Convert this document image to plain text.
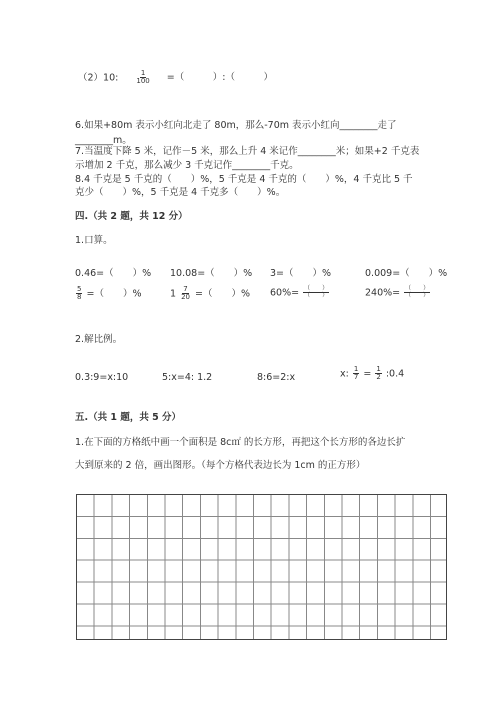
（2）10: $\frac{1}{100}$ =（　　　）:（　　　）
6.如果+80m 表示小红向北走了 80m，那么-70m 表示小红向________走了
________m。
7.当温度下降 5 米，记作－5 米，那么上升 4 米记作________米；如果+2 千克表
示增加 2 千克，那么减少 3 千克记作________千克。
8.4 千克是 5 千克的（　　）%，5 千克是 4 千克的（　　）%，4 千克比 5 千
克少（　　）%，5 千克是 4 千克多（　　）%。
四.（共 2 题，共 12 分）
1.口算。
0.46=（　　）% 10.08=（　　）% 3=（　　）%	0.009=（　　）%
$\frac{5}{8}$ =（　　）%	$1 \frac{7}{20}$ =（　　）% $60\%= \frac{( )}{( )}$	$240\%= \frac{( )}{( )}$
2.解比例。
0.3:9=x:10	5:x=4: 1.2	8:6=2:x	x: $\frac{1}{7} = \frac{1}{2}$ :0.4
五.（共 1 题，共 5 分）
1.在下面的方格纸中画一个面积是 8c㎡ 的长方形，再把这个长方形的各边长扩
大到原来的 2 倍，画出图形。（每个方格代表边长为 1cm 的正方形）
